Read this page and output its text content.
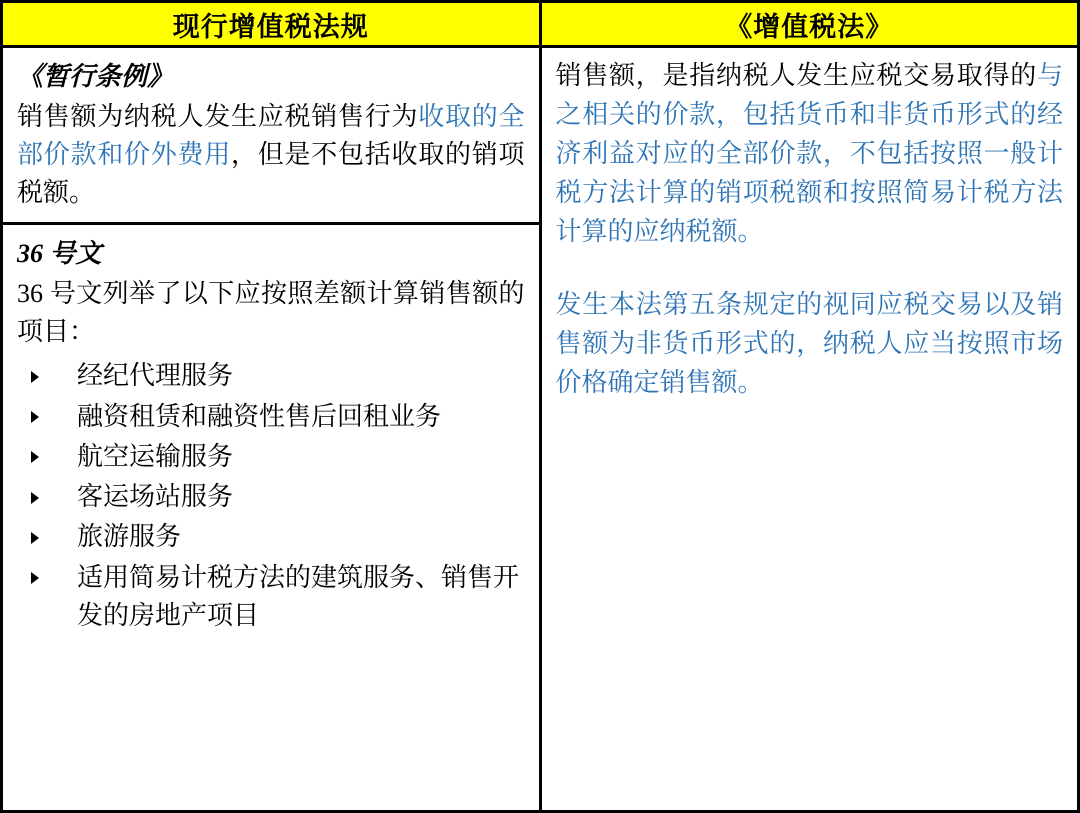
现行增值税法规
《暂行条例》

销售额为纳税人发生应税销售行为收取的全部价款和价外费用，但是不包括收取的销项税额。

36 号文

36 号文列举了以下应按照差额计算销售额的项目：

经纪代理服务
融资租赁和融资性售后回租业务
航空运输服务
客运场站服务
旅游服务
适用简易计税方法的建筑服务、销售开发的房地产项目
《增值税法》

销售额，是指纳税人发生应税交易取得的与之相关的价款，包括货币和非货币形式的经济利益对应的全部价款，不包括按照一般计税方法计算的销项税额和按照简易计税方法计算的应纳税额。

发生本法第五条规定的视同应税交易以及销售额为非货币形式的，纳税人应当按照市场价格确定销售额。
